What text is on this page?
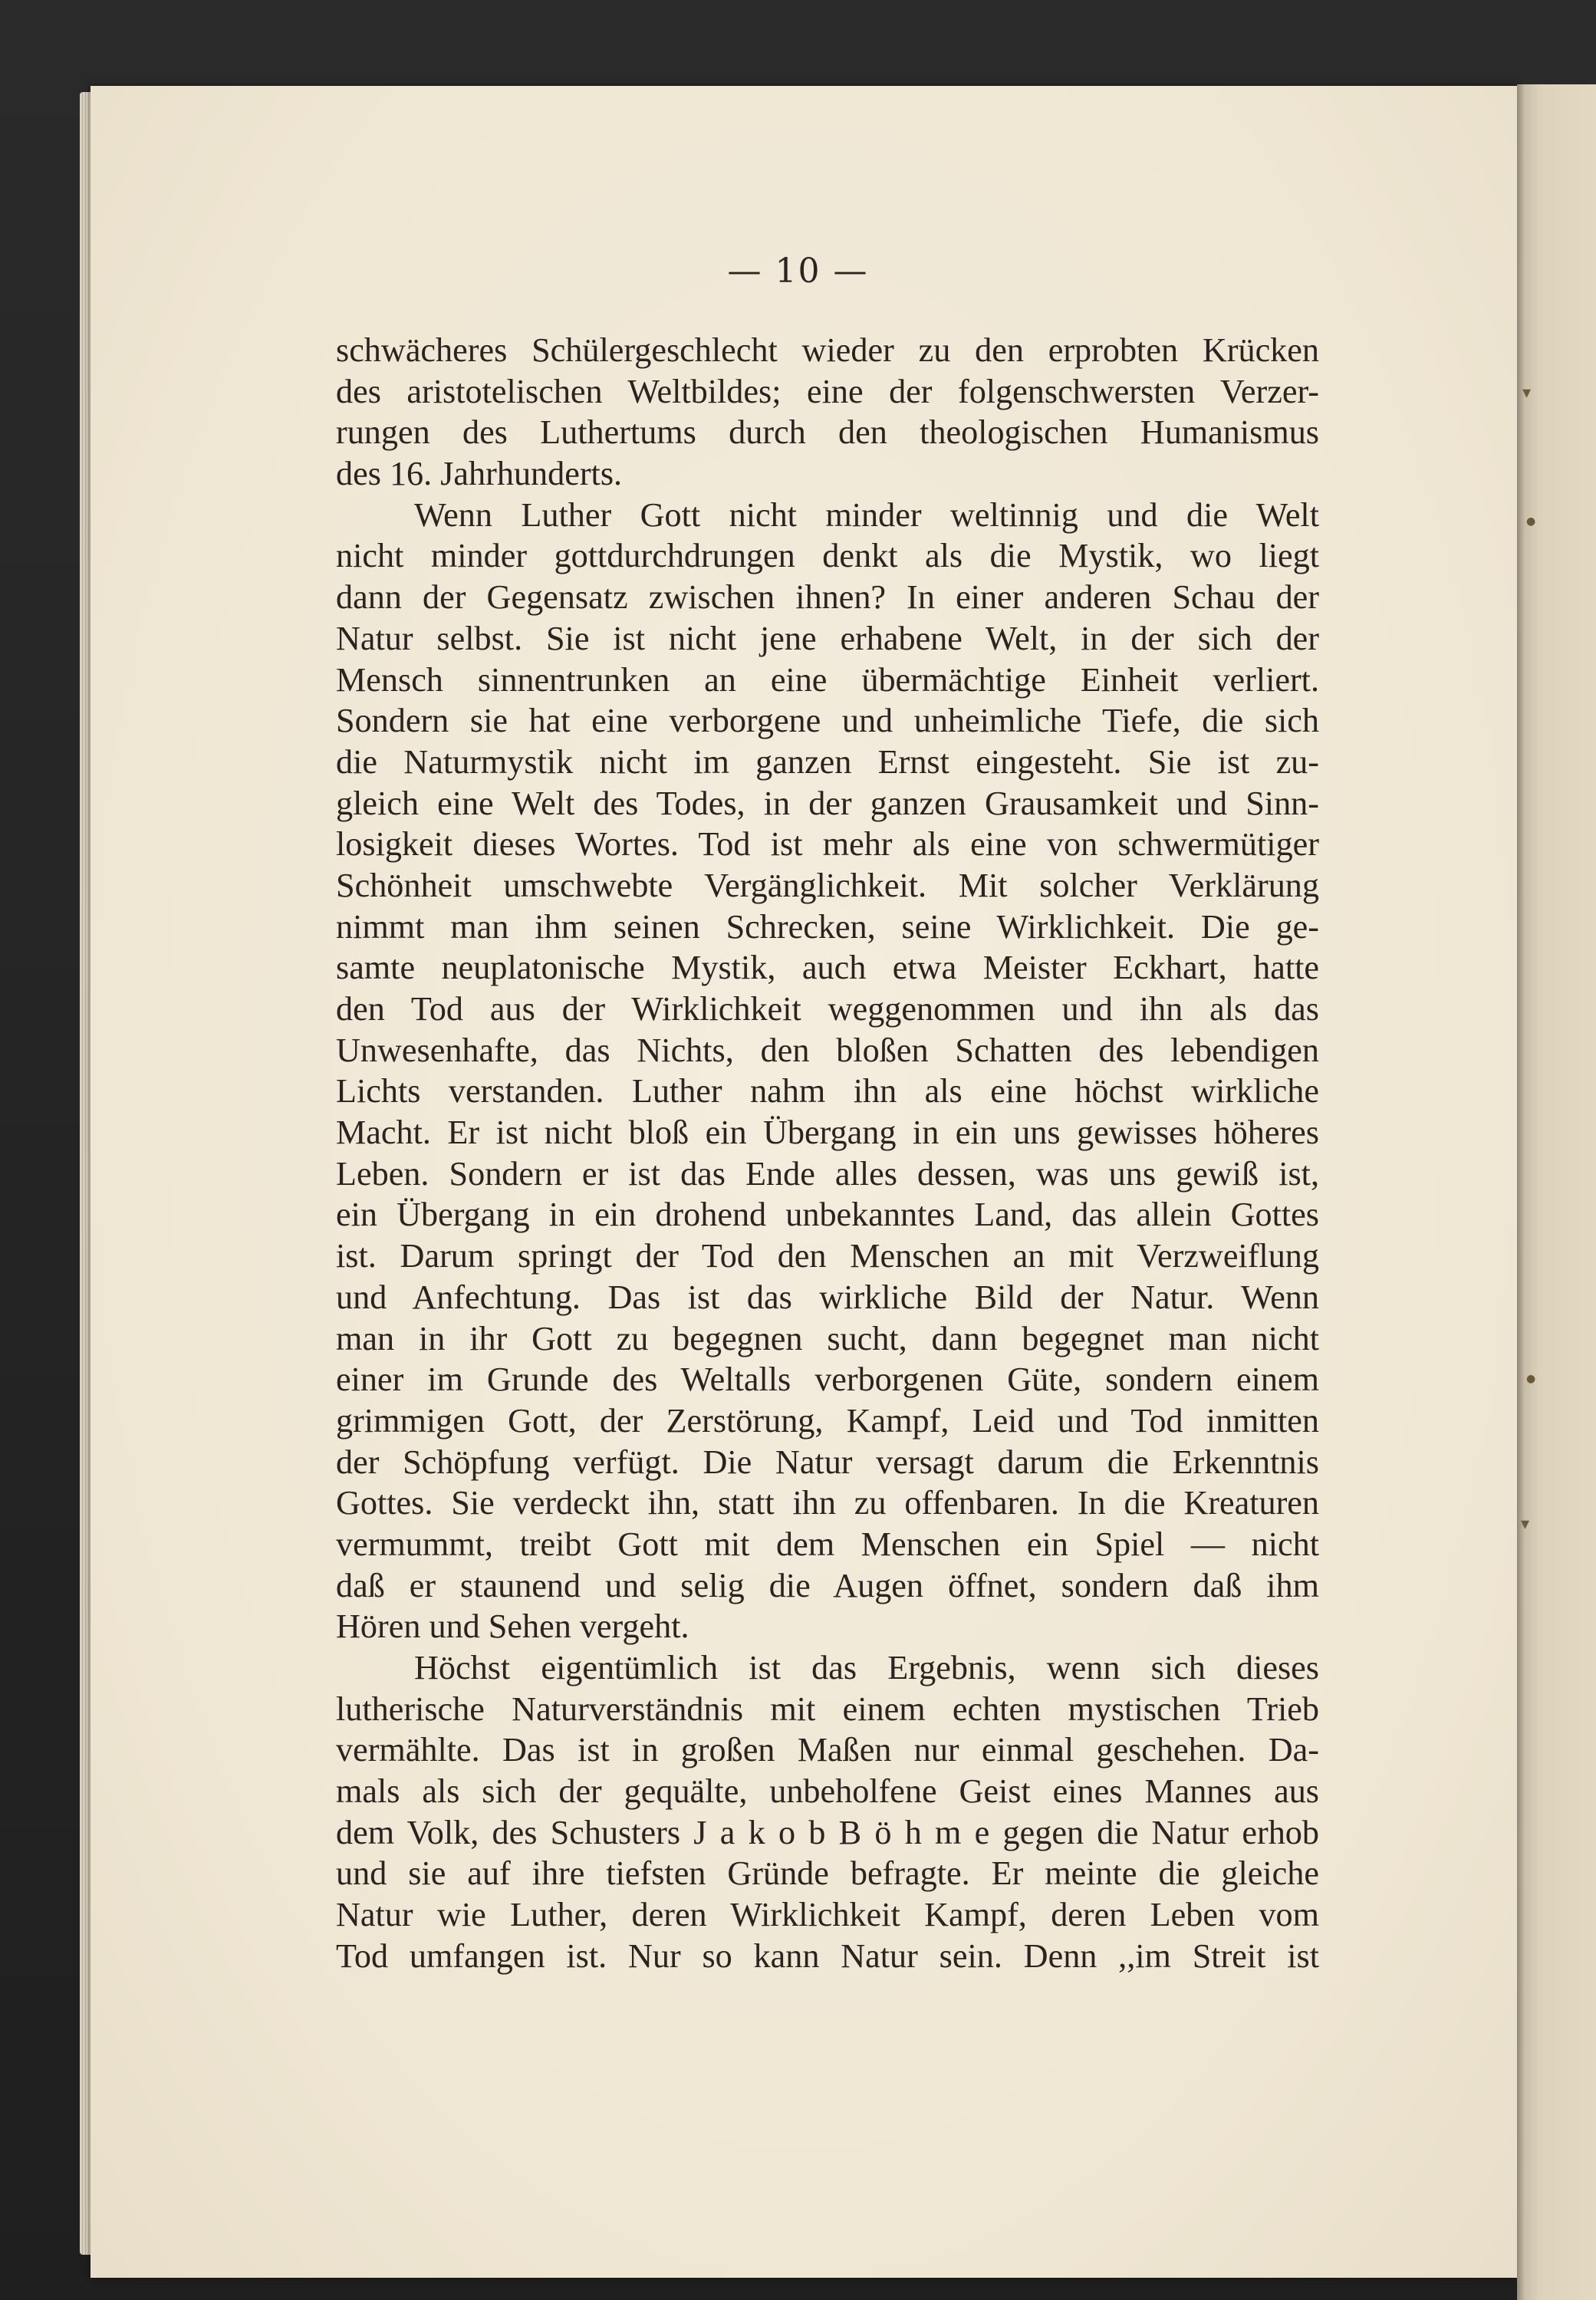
▾
●
●
▾
— 10 —
schwächeres Schülergeschlecht wieder zu den erprobten Krücken
des aristotelischen Weltbildes; eine der folgenschwersten Verzer-
rungen des Luthertums durch den theologischen Humanismus
des 16. Jahrhunderts.
Wenn Luther Gott nicht minder weltinnig und die Welt
nicht minder gottdurchdrungen denkt als die Mystik, wo liegt
dann der Gegensatz zwischen ihnen? In einer anderen Schau der
Natur selbst. Sie ist nicht jene erhabene Welt, in der sich der
Mensch sinnentrunken an eine übermächtige Einheit verliert.
Sondern sie hat eine verborgene und unheimliche Tiefe, die sich
die Naturmystik nicht im ganzen Ernst eingesteht. Sie ist zu-
gleich eine Welt des Todes, in der ganzen Grausamkeit und Sinn-
losigkeit dieses Wortes. Tod ist mehr als eine von schwermütiger
Schönheit umschwebte Vergänglichkeit. Mit solcher Verklärung
nimmt man ihm seinen Schrecken, seine Wirklichkeit. Die ge-
samte neuplatonische Mystik, auch etwa Meister Eckhart, hatte
den Tod aus der Wirklichkeit weggenommen und ihn als das
Unwesenhafte, das Nichts, den bloßen Schatten des lebendigen
Lichts verstanden. Luther nahm ihn als eine höchst wirkliche
Macht. Er ist nicht bloß ein Übergang in ein uns gewisses höheres
Leben. Sondern er ist das Ende alles dessen, was uns gewiß ist,
ein Übergang in ein drohend unbekanntes Land, das allein Gottes
ist. Darum springt der Tod den Menschen an mit Verzweiflung
und Anfechtung. Das ist das wirkliche Bild der Natur. Wenn
man in ihr Gott zu begegnen sucht, dann begegnet man nicht
einer im Grunde des Weltalls verborgenen Güte, sondern einem
grimmigen Gott, der Zerstörung, Kampf, Leid und Tod inmitten
der Schöpfung verfügt. Die Natur versagt darum die Erkenntnis
Gottes. Sie verdeckt ihn, statt ihn zu offenbaren. In die Kreaturen
vermummt, treibt Gott mit dem Menschen ein Spiel — nicht
daß er staunend und selig die Augen öffnet, sondern daß ihm
Hören und Sehen vergeht.
Höchst eigentümlich ist das Ergebnis, wenn sich dieses
lutherische Naturverständnis mit einem echten mystischen Trieb
vermählte. Das ist in großen Maßen nur einmal geschehen. Da-
mals als sich der gequälte, unbeholfene Geist eines Mannes aus
dem Volk, des Schusters J a k o b B ö h m e gegen die Natur erhob
und sie auf ihre tiefsten Gründe befragte. Er meinte die gleiche
Natur wie Luther, deren Wirklichkeit Kampf, deren Leben vom
Tod umfangen ist. Nur so kann Natur sein. Denn ,,im Streit ist
